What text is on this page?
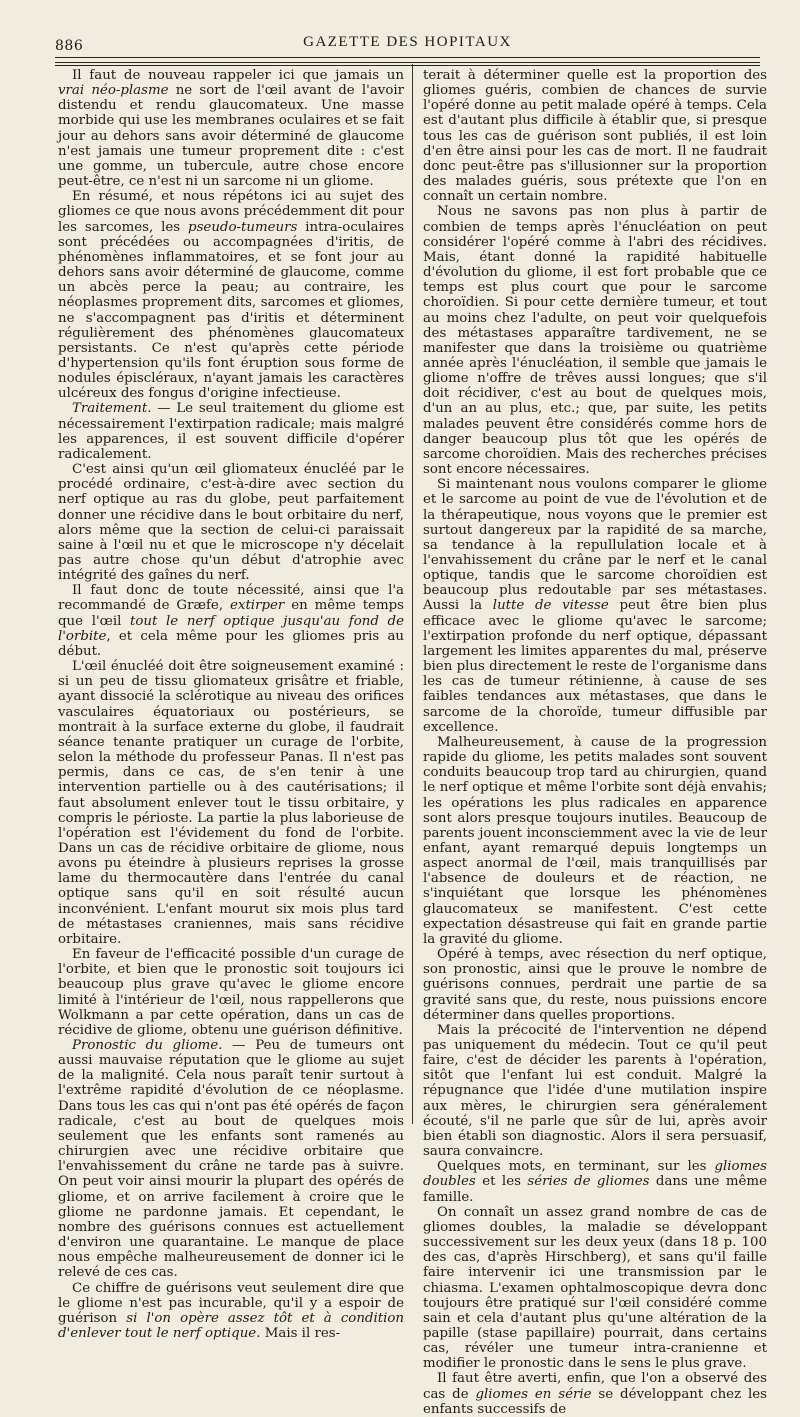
886	GAZETTE DES HOPITAUX

Il faut de nouveau rappeler ici que jamais un vrai néo-plasme ne sort de l'œil avant de l'avoir distendu et rendu glaucomateux. Une masse morbide qui use les membranes oculaires et se fait jour au dehors sans avoir déterminé de glaucome n'est jamais une tumeur proprement dite : c'est une gomme, un tubercule, autre chose encore peut-être, ce n'est ni un sarcome ni un gliome.

En résumé, et nous répétons ici au sujet des gliomes ce que nous avons précédemment dit pour les sarcomes, les pseudo-tumeurs intra-oculaires sont précédées ou accompagnées d'iritis, de phénomènes inflammatoires, et se font jour au dehors sans avoir déterminé de glaucome, comme un abcès perce la peau; au contraire, les néoplasmes proprement dits, sarcomes et gliomes, ne s'accompagnent pas d'iritis et déterminent régulièrement des phénomènes glaucomateux persistants. Ce n'est qu'après cette période d'hypertension qu'ils font éruption sous forme de nodules épiscléraux, n'ayant jamais les caractères ulcéreux des fongus d'origine infectieuse.

Traitement. — Le seul traitement du gliome est nécessairement l'extirpation radicale; mais malgré les apparences, il est souvent difficile d'opérer radicalement.

C'est ainsi qu'un œil gliomateux énucléé par le procédé ordinaire, c'est-à-dire avec section du nerf optique au ras du globe, peut parfaitement donner une récidive dans le bout orbitaire du nerf, alors même que la section de celui-ci paraissait saine à l'œil nu et que le microscope n'y décelait pas autre chose qu'un début d'atrophie avec intégrité des gaînes du nerf.

Il faut donc de toute nécessité, ainsi que l'a recommandé de Græfe, extirper en même temps que l'œil tout le nerf optique jusqu'au fond de l'orbite, et cela même pour les gliomes pris au début.

L'œil énucléé doit être soigneusement examiné : si un peu de tissu gliomateux grisâtre et friable, ayant dissocié la sclérotique au niveau des orifices vasculaires équatoriaux ou postérieurs, se montrait à la surface externe du globe, il faudrait séance tenante pratiquer un curage de l'orbite, selon la méthode du professeur Panas. Il n'est pas permis, dans ce cas, de s'en tenir à une intervention partielle ou à des cautérisations; il faut absolument enlever tout le tissu orbitaire, y compris le périoste. La partie la plus laborieuse de l'opération est l'évidement du fond de l'orbite. Dans un cas de récidive orbitaire de gliome, nous avons pu éteindre à plusieurs reprises la grosse lame du thermocautère dans l'entrée du canal optique sans qu'il en soit résulté aucun inconvénient. L'enfant mourut six mois plus tard de métastases craniennes, mais sans récidive orbitaire.

En faveur de l'efficacité possible d'un curage de l'orbite, et bien que le pronostic soit toujours ici beaucoup plus grave qu'avec le gliome encore limité à l'intérieur de l'œil, nous rappellerons que Wolkmann a par cette opération, dans un cas de récidive de gliome, obtenu une guérison définitive.

Pronostic du gliome. — Peu de tumeurs ont aussi mauvaise réputation que le gliome au sujet de la malignité. Cela nous paraît tenir surtout à l'extrême rapidité d'évolution de ce néoplasme. Dans tous les cas qui n'ont pas été opérés de façon radicale, c'est au bout de quelques mois seulement que les enfants sont ramenés au chirurgien avec une récidive orbitaire que l'envahissement du crâne ne tarde pas à suivre. On peut voir ainsi mourir la plupart des opérés de gliome, et on arrive facilement à croire que le gliome ne pardonne jamais. Et cependant, le nombre des guérisons connues est actuellement d'environ une quarantaine. Le manque de place nous empêche malheureusement de donner ici le relevé de ces cas.

Ce chiffre de guérisons veut seulement dire que le gliome n'est pas incurable, qu'il y a espoir de guérison si l'on opère assez tôt et à condition d'enlever tout le nerf optique. Mais il res-

terait à déterminer quelle est la proportion des gliomes guéris, combien de chances de survie l'opéré donne au petit malade opéré à temps. Cela est d'autant plus difficile à établir que, si presque tous les cas de guérison sont publiés, il est loin d'en être ainsi pour les cas de mort. Il ne faudrait donc peut-être pas s'illusionner sur la proportion des malades guéris, sous prétexte que l'on en connaît un certain nombre.

Nous ne savons pas non plus à partir de combien de temps après l'énucléation on peut considérer l'opéré comme à l'abri des récidives. Mais, étant donné la rapidité habituelle d'évolution du gliome, il est fort probable que ce temps est plus court que pour le sarcome choroïdien. Si pour cette dernière tumeur, et tout au moins chez l'adulte, on peut voir quelquefois des métastases apparaître tardivement, ne se manifester que dans la troisième ou quatrième année après l'énucléation, il semble que jamais le gliome n'offre de trêves aussi longues; que s'il doit récidiver, c'est au bout de quelques mois, d'un an au plus, etc.; que, par suite, les petits malades peuvent être considérés comme hors de danger beaucoup plus tôt que les opérés de sarcome choroïdien. Mais des recherches précises sont encore nécessaires.

Si maintenant nous voulons comparer le gliome et le sarcome au point de vue de l'évolution et de la thérapeutique, nous voyons que le premier est surtout dangereux par la rapidité de sa marche, sa tendance à la repullulation locale et à l'envahissement du crâne par le nerf et le canal optique, tandis que le sarcome choroïdien est beaucoup plus redoutable par ses métastases. Aussi la lutte de vitesse peut être bien plus efficace avec le gliome qu'avec le sarcome; l'extirpation profonde du nerf optique, dépassant largement les limites apparentes du mal, préserve bien plus directement le reste de l'organisme dans les cas de tumeur rétinienne, à cause de ses faibles tendances aux métastases, que dans le sarcome de la choroïde, tumeur diffusible par excellence.

Malheureusement, à cause de la progression rapide du gliome, les petits malades sont souvent conduits beaucoup trop tard au chirurgien, quand le nerf optique et même l'orbite sont déjà envahis; les opérations les plus radicales en apparence sont alors presque toujours inutiles. Beaucoup de parents jouent inconsciemment avec la vie de leur enfant, ayant remarqué depuis longtemps un aspect anormal de l'œil, mais tranquillisés par l'absence de douleurs et de réaction, ne s'inquiétant que lorsque les phénomènes glaucomateux se manifestent. C'est cette expectation désastreuse qui fait en grande partie la gravité du gliome.

Opéré à temps, avec résection du nerf optique, son pronostic, ainsi que le prouve le nombre de guérisons connues, perdrait une partie de sa gravité sans que, du reste, nous puissions encore déterminer dans quelles proportions.

Mais la précocité de l'intervention ne dépend pas uniquement du médecin. Tout ce qu'il peut faire, c'est de décider les parents à l'opération, sitôt que l'enfant lui est conduit. Malgré la répugnance que l'idée d'une mutilation inspire aux mères, le chirurgien sera généralement écouté, s'il ne parle que sûr de lui, après avoir bien établi son diagnostic. Alors il sera persuasif, saura convaincre.

Quelques mots, en terminant, sur les gliomes doubles et les séries de gliomes dans une même famille.

On connaît un assez grand nombre de cas de gliomes doubles, la maladie se développant successivement sur les deux yeux (dans 18 p. 100 des cas, d'après Hirschberg), et sans qu'il faille faire intervenir ici une transmission par le chiasma. L'examen ophtalmoscopique devra donc toujours être pratiqué sur l'œil considéré comme sain et cela d'autant plus qu'une altération de la papille (stase papillaire) pourrait, dans certains cas, révéler une tumeur intra-cranienne et modifier le pronostic dans le sens le plus grave.

Il faut être averti, enfin, que l'on a observé des cas de gliomes en série se développant chez les enfants successifs de
